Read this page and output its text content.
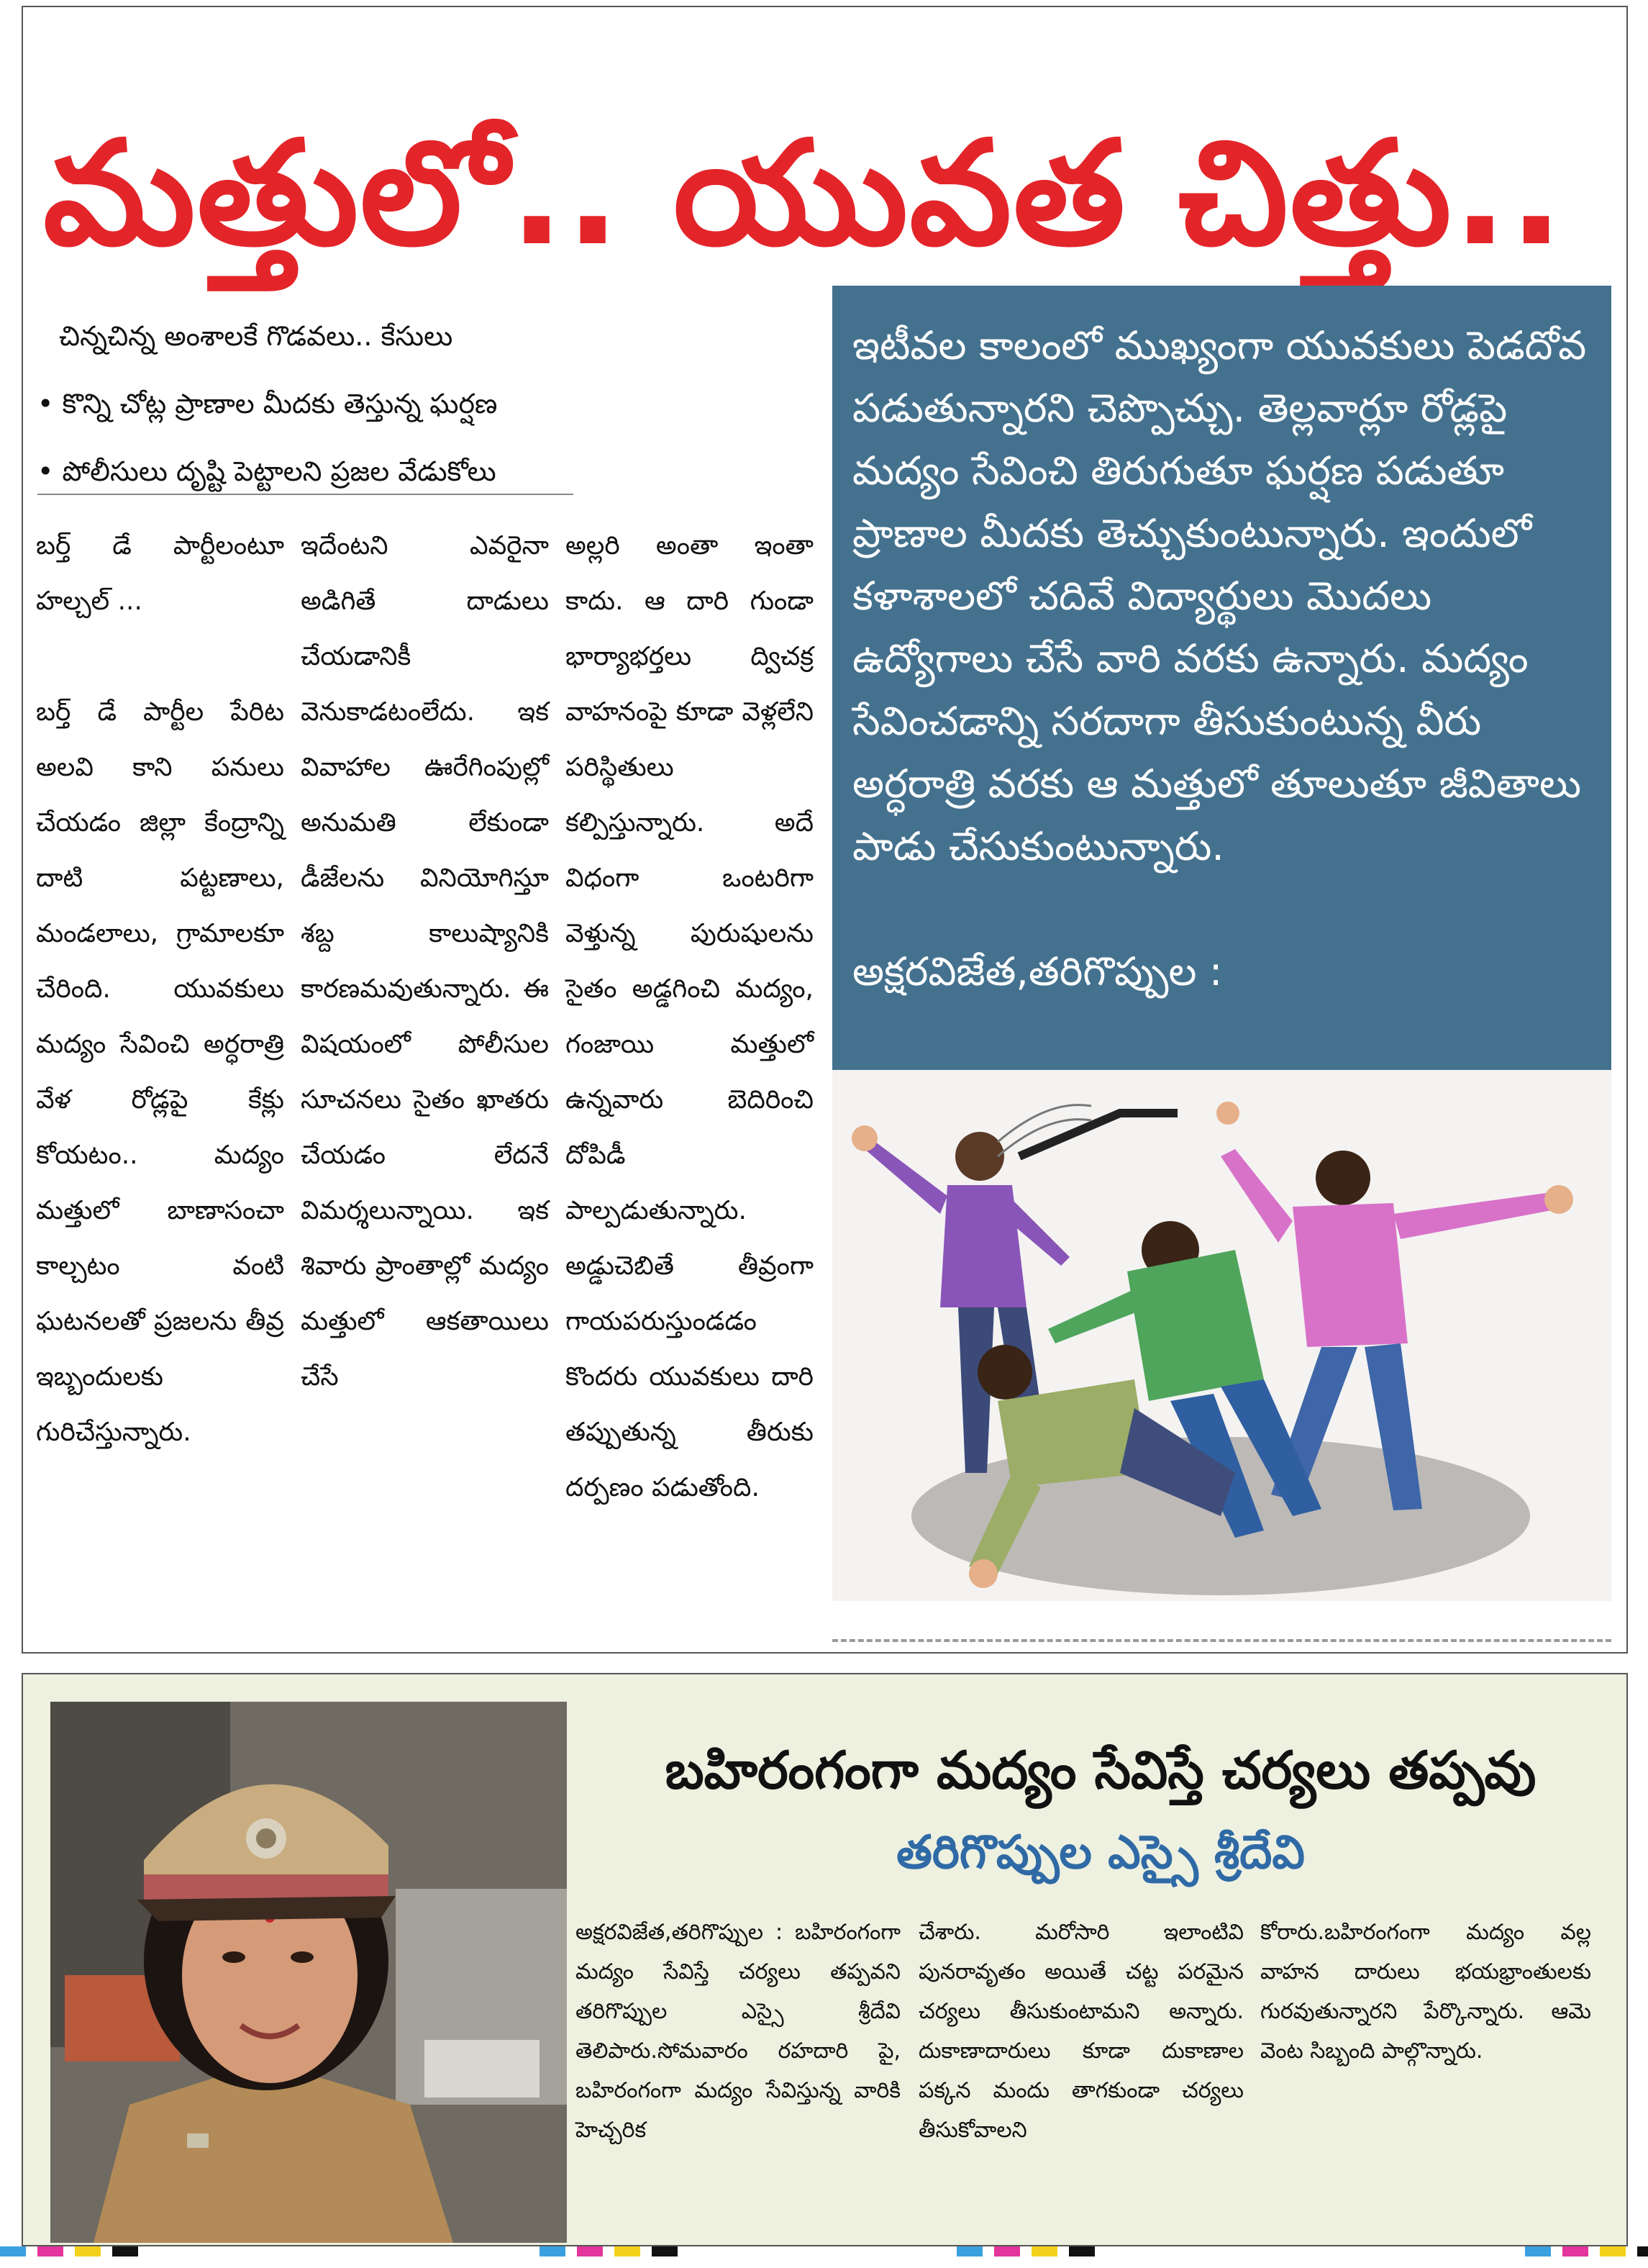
మత్తులో.. యువత చిత్తు..
చిన్నచిన్న అంశాలకే గొడవలు.. కేసులు
• కొన్ని చోట్ల ప్రాణాల మీదకు తెస్తున్న ఘర్షణ
• పోలీసులు దృష్టి పెట్టాలని ప్రజల వేడుకోలు

బర్త్ డే పార్టీలంటూ హల్చల్ ...

బర్త్ డే పార్టీల పేరిట అలవి కాని పనులు చేయడం జిల్లా కేంద్రాన్ని దాటి పట్టణాలు, మండలాలు, గ్రామాలకూ చేరింది. యువకులు మద్యం సేవించి అర్ధరాత్రి వేళ రోడ్లపై కేక్లు కోయటం.. మద్యం మత్తులో బాణాసంచా కాల్చటం వంటి ఘటనలతో ప్రజలను తీవ్ర ఇబ్బందులకు గురిచేస్తున్నారు.

ఇదేంటని ఎవరైనా అడిగితే దాడులు చేయడానికీ వెనుకాడటంలేదు. ఇక వివాహాల ఊరేగింపుల్లో అనుమతి లేకుండా డీజేలను వినియోగిస్తూ శబ్ద కాలుష్యానికి కారణమవుతున్నారు. ఈ విషయంలో పోలీసుల సూచనలు సైతం ఖాతరు చేయడం లేదనే విమర్శలున్నాయి. ఇక శివారు ప్రాంతాల్లో మద్యం మత్తులో ఆకతాయిలు చేసే

అల్లరి అంతా ఇంతా కాదు. ఆ దారి గుండా భార్యాభర్తలు ద్విచక్ర వాహనంపై కూడా వెళ్లలేని పరిస్థితులు కల్పిస్తున్నారు. అదే విధంగా ఒంటరిగా వెళ్తున్న పురుషులను సైతం అడ్డగించి మద్యం, గంజాయి మత్తులో ఉన్నవారు బెదిరించి దోపిడీ పాల్పడుతున్నారు. అడ్డుచెబితే తీవ్రంగా గాయపరుస్తుండడం కొందరు యువకులు దారి తప్పుతున్న తీరుకు దర్పణం పడుతోంది.

ఇటీవల కాలంలో ముఖ్యంగా యువకులు పెడదోవ పడుతున్నారని చెప్పొచ్చు. తెల్లవార్లూ రోడ్లపై మద్యం సేవించి తిరుగుతూ ఘర్షణ పడుతూ ప్రాణాల మీదకు తెచ్చుకుంటున్నారు. ఇందులో కళాశాలలో చదివే విద్యార్థులు మొదలు ఉద్యోగాలు చేసే వారి వరకు ఉన్నారు. మద్యం సేవించడాన్ని సరదాగా తీసుకుంటున్న వీరు అర్ధరాత్రి వరకు ఆ మత్తులో తూలుతూ జీవితాలు పాడు చేసుకుంటున్నారు.

అక్షరవిజేత,తరిగొప్పుల :

బహిరంగంగా మద్యం సేవిస్తే చర్యలు తప్పవు
తరిగొప్పుల ఎస్సై శ్రీదేవి

అక్షరవిజేత,తరిగొప్పుల : బహిరంగంగా మద్యం సేవిస్తే చర్యలు తప్పవని తరిగొప్పుల ఎస్సై శ్రీదేవి తెలిపారు.సోమవారం రహదారి పై, బహిరంగంగా మద్యం సేవిస్తున్న వారికి హెచ్చరిక

చేశారు. మరోసారి ఇలాంటివి పునరావృతం అయితే చట్ట పరమైన చర్యలు తీసుకుంటామని అన్నారు. దుకాణాదారులు కూడా దుకాణాల పక్కన మందు తాగకుండా చర్యలు తీసుకోవాలని

కోరారు.బహిరంగంగా మద్యం వల్ల వాహన దారులు భయభ్రాంతులకు గురవుతున్నారని పేర్కొన్నారు. ఆమె వెంట సిబ్బంది పాల్గొన్నారు.
